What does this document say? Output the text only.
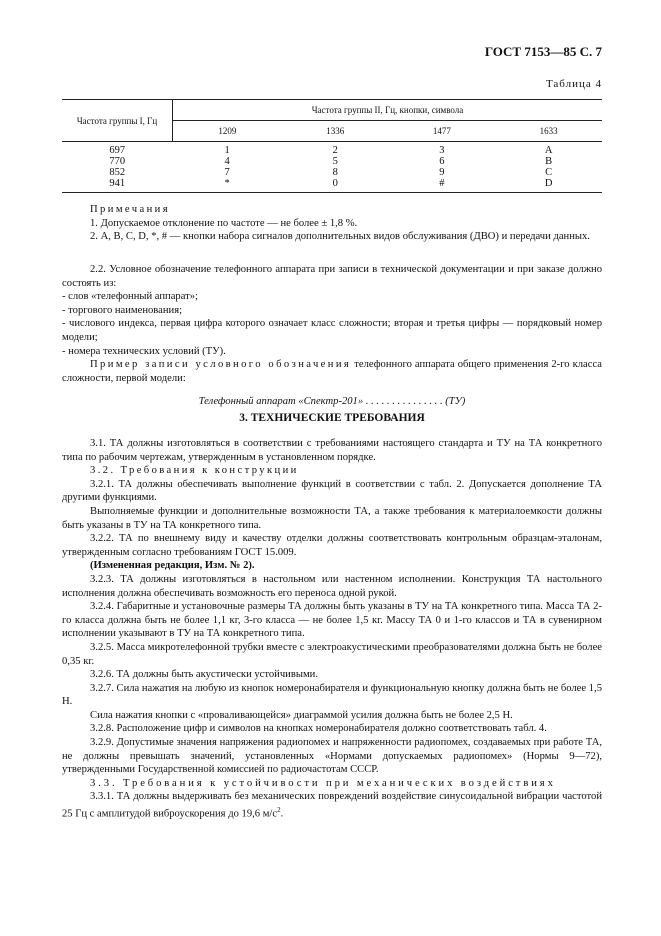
ГОСТ 7153—85 С. 7
Таблица 4
Частота группы I, Гц	Частота группы II, Гц, кнопки, символа			
	1209	1336	1477	1633

697	1	2	3	A
770	4	5	6	B
852	7	8	9	C
941	*	0	#	D

Примечания

1. Допускаемое отклонение по частоте — не более ± 1,8 %.

2. А, В, С, D, *, # — кнопки набора сигналов дополнительных видов обслуживания (ДВО) и передачи данных.

2.2. Условное обозначение телефонного аппарата при записи в технической документации и при заказе должно состоять из:

- слов «телефонный аппарат»;

- торгового наименования;

- числового индекса, первая цифра которого означает класс сложности; вторая и третья цифры — порядковый номер модели;

- номера технических условий (ТУ).

Пример записи условного обозначения телефонного аппарата общего применения 2-го класса сложности, первой модели:

Телефонный аппарат «Спектр-201» . . . . . . . . . . . . . . . (ТУ)

3. ТЕХНИЧЕСКИЕ ТРЕБОВАНИЯ

3.1. ТА должны изготовляться в соответствии с требованиями настоящего стандарта и ТУ на ТА конкретного типа по рабочим чертежам, утвержденным в установленном порядке.

3.2. Требования к конструкции

3.2.1. ТА должны обеспечивать выполнение функций в соответствии с табл. 2. Допускается дополнение ТА другими функциями.

Выполняемые функции и дополнительные возможности ТА, а также требования к материалоемкости должны быть указаны в ТУ на ТА конкретного типа.

3.2.2. ТА по внешнему виду и качеству отделки должны соответствовать контрольным образцам-эталонам, утвержденным согласно требованиям ГОСТ 15.009.

(Измененная редакция, Изм. № 2).

3.2.3. ТА должны изготовляться в настольном или настенном исполнении. Конструкция ТА настольного исполнения должна обеспечивать возможность его переноса одной рукой.

3.2.4. Габаритные и установочные размеры ТА должны быть указаны в ТУ на ТА конкретного типа. Масса ТА 2-го класса должна быть не более 1,1 кг, 3-го класса — не более 1,5 кг. Массу ТА 0 и 1-го классов и ТА в сувенирном исполнении указывают в ТУ на ТА конкретного типа.

3.2.5. Масса микротелефонной трубки вместе с электроакустическими преобразователями должна быть не более 0,35 кг.

3.2.6. ТА должны быть акустически устойчивыми.

3.2.7. Сила нажатия на любую из кнопок номеронабирателя и функциональную кнопку должна быть не более 1,5 Н.

Сила нажатия кнопки с «проваливающейся» диаграммой усилия должна быть не более 2,5 Н.

3.2.8. Расположение цифр и символов на кнопках номеронабирателя должно соответствовать табл. 4.

3.2.9. Допустимые значения напряжения радиопомех и напряженности радиопомех, создаваемых при работе ТА, не должны превышать значений, установленных «Нормами допускаемых радиопомех» (Нормы 9—72), утвержденными Государственной комиссией по радиочастотам СССР.

3.3. Требования к устойчивости при механических воздействиях

3.3.1. ТА должны выдерживать без механических повреждений воздействие синусоидальной вибрации частотой 25 Гц с амплитудой виброускорения до 19,6 $м/с^2$.
